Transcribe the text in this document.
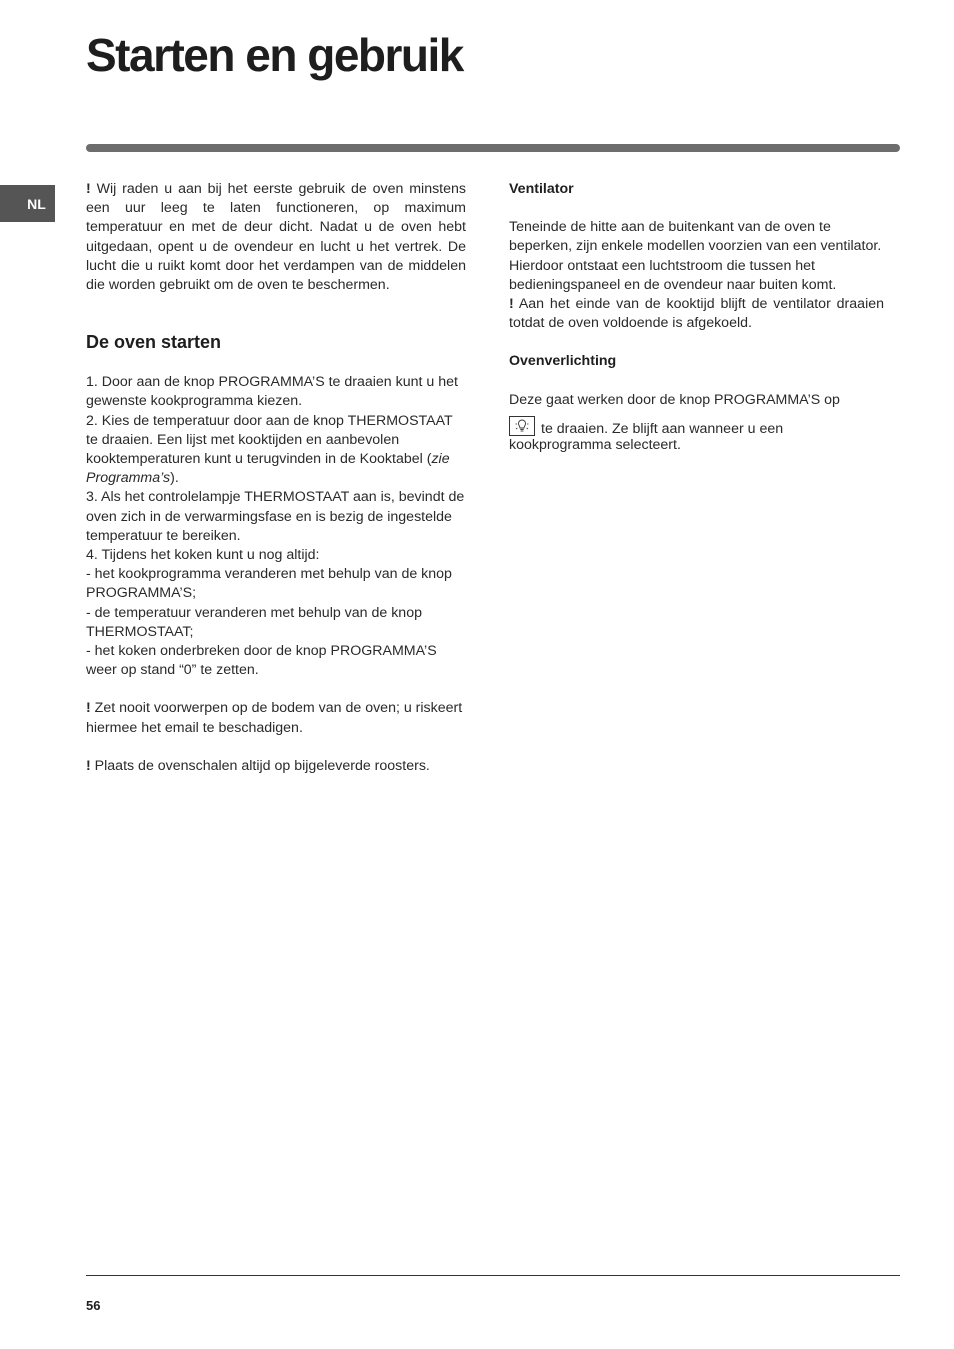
Starten en gebruik
NL

! Wij raden u aan bij het eerste gebruik de oven minstens een uur leeg te laten functioneren, op maximum temperatuur en met de deur dicht. Nadat u de oven hebt uitgedaan, opent u de ovendeur en lucht u het vertrek. De lucht die u ruikt komt door het verdampen van de middelen die worden gebruikt om de oven te beschermen.

De oven starten

1. Door aan de knop PROGRAMMA’S te draaien kunt u het gewenste kookprogramma kiezen.

2. Kies de temperatuur door aan de knop THERMOSTAAT te draaien. Een lijst met kooktijden en aanbevolen kooktemperaturen kunt u terugvinden in de Kooktabel (zie Programma’s).

3. Als het controlelampje THERMOSTAAT aan is, bevindt de oven zich in de verwarmingsfase en is bezig de ingestelde temperatuur te bereiken.

4. Tijdens het koken kunt u nog altijd:

- het kookprogramma veranderen met behulp van de knop PROGRAMMA’S;

- de temperatuur veranderen met behulp van de knop THERMOSTAAT;

- het koken onderbreken door de knop PROGRAMMA’S weer op stand “0” te zetten.

! Zet nooit voorwerpen op de bodem van de oven; u riskeert hiermee het email te beschadigen.

! Plaats de ovenschalen altijd op bijgeleverde roosters.

Ventilator

Teneinde de hitte aan de buitenkant van de oven te beperken, zijn enkele modellen voorzien van een ventilator. Hierdoor ontstaat een luchtstroom die tussen het bedieningspaneel en de ovendeur naar buiten komt.

! Aan het einde van de kooktijd blijft de ventilator draaien totdat de oven voldoende is afgekoeld.

Ovenverlichting

Deze gaat werken door de knop PROGRAMMA’S op

te draaien. Ze blijft aan wanneer u een kookprogramma selecteert.

56
